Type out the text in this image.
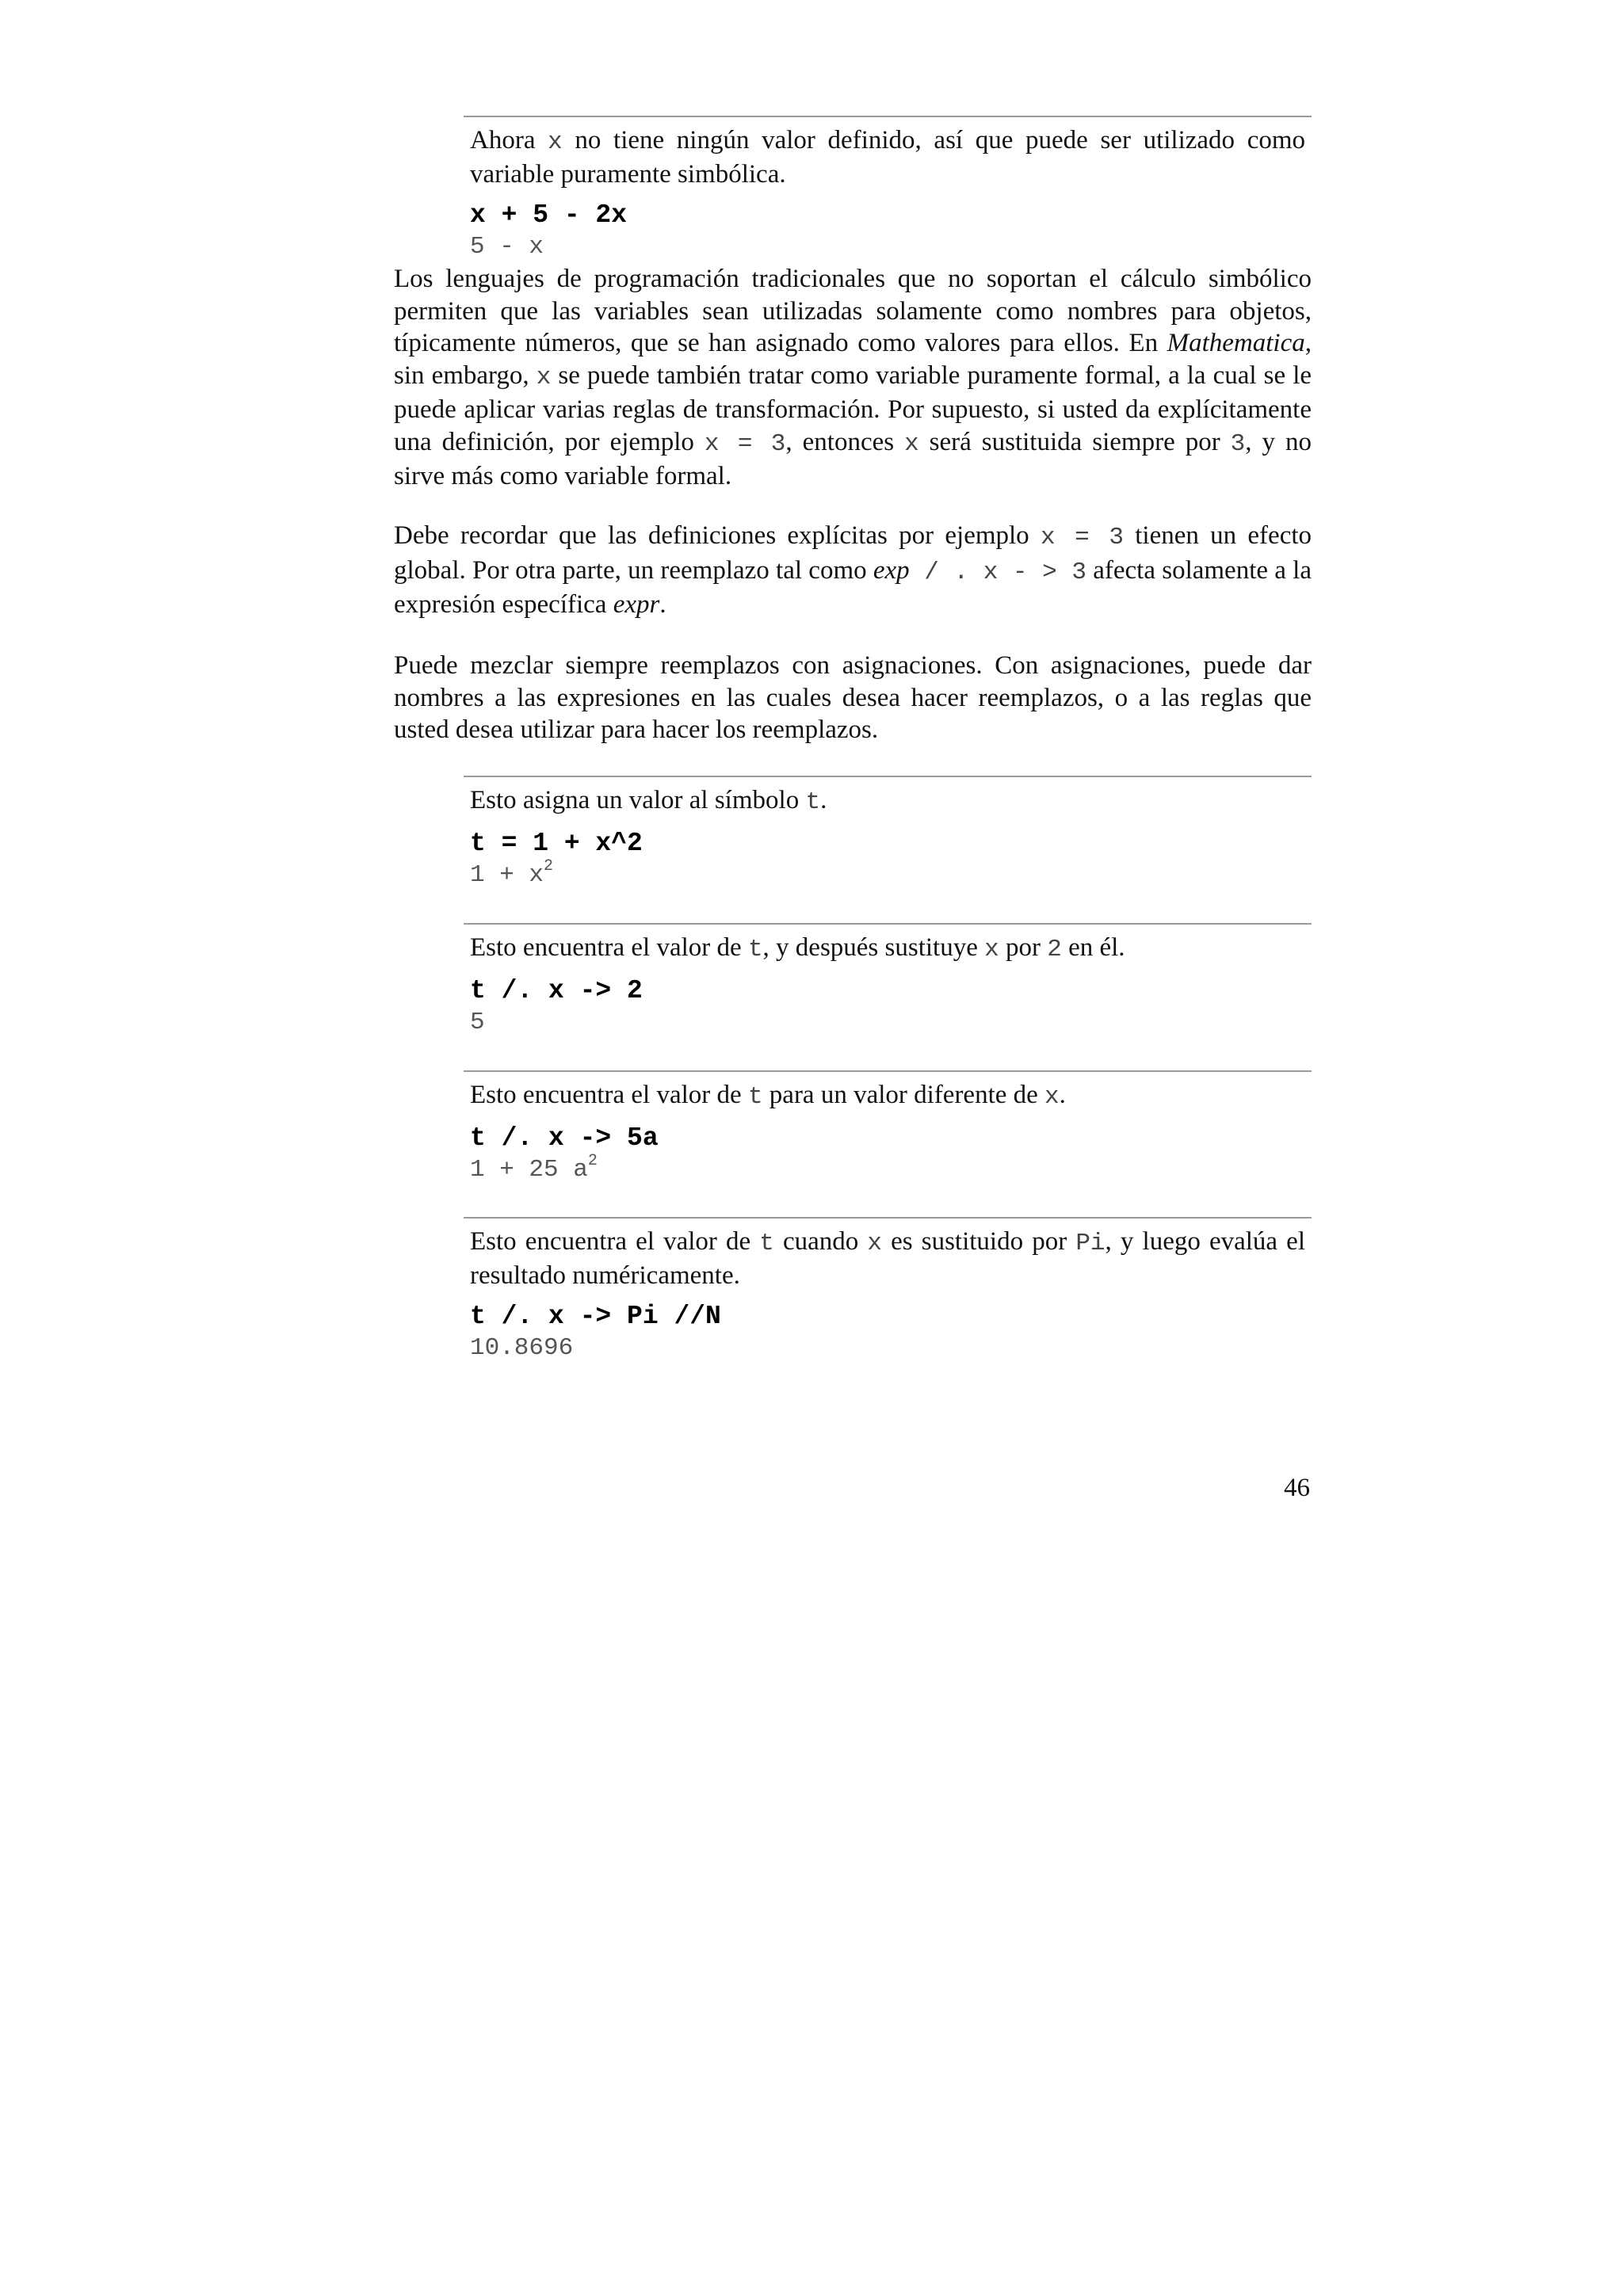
Ahora x no tiene ningún valor definido, así que puede ser utilizado como variable puramente simbólica.
x + 5 - 2x
5 - x
Los lenguajes de programación tradicionales que no soportan el cálculo simbólico permiten que las variables sean utilizadas solamente como nombres para objetos, típicamente números, que se han asignado como valores para ellos. En Mathematica, sin embargo, x se puede también tratar como variable puramente formal, a la cual se le puede aplicar varias reglas de transformación. Por supuesto, si usted da explícitamente una definición, por ejemplo x = 3, entonces x será sustituida siempre por 3, y no sirve más como variable formal.
Debe recordar que las definiciones explícitas por ejemplo x = 3 tienen un efecto global. Por otra parte, un reemplazo tal como exp / . x - > 3 afecta solamente a la expresión específica expr.
Puede mezclar siempre reemplazos con asignaciones. Con asignaciones, puede dar nombres a las expresiones en las cuales desea hacer reemplazos, o a las reglas que usted desea utilizar para hacer los reemplazos.
Esto asigna un valor al símbolo t.
t = 1 + x^2
$1 + x^2$
Esto encuentra el valor de t, y después sustituye x por 2 en él.
t /. x -> 2
5
Esto encuentra el valor de t para un valor diferente de x.
t /. x -> 5a
1 + 25 $a^2$
Esto encuentra el valor de t cuando x es sustituido por Pi, y luego evalúa el resultado numéricamente.
t /. x -> Pi //N
10.8696
46
